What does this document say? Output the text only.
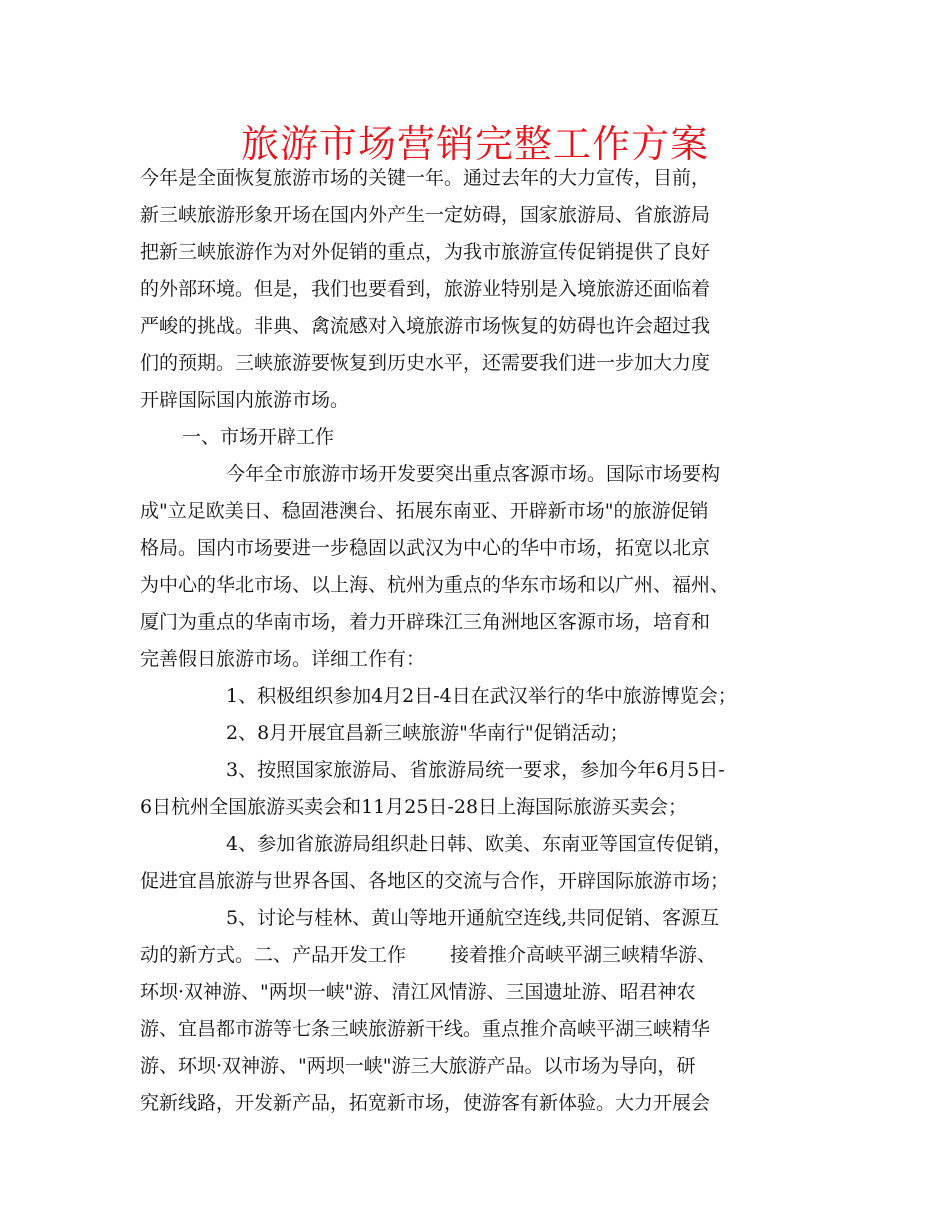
旅游市场营销完整工作方案
今年是全面恢复旅游市场的关键一年。通过去年的大力宣传，目前，
新三峡旅游形象开场在国内外产生一定妨碍，国家旅游局、省旅游局
把新三峡旅游作为对外促销的重点，为我市旅游宣传促销提供了良好
的外部环境。但是，我们也要看到，旅游业特别是入境旅游还面临着
严峻的挑战。非典、禽流感对入境旅游市场恢复的妨碍也许会超过我
们的预期。三峡旅游要恢复到历史水平，还需要我们进一步加大力度
开辟国际国内旅游市场。
一、市场开辟工作
今年全市旅游市场开发要突出重点客源市场。国际市场要构
成"立足欧美日、稳固港澳台、拓展东南亚、开辟新市场"的旅游促销
格局。国内市场要进一步稳固以武汉为中心的华中市场，拓宽以北京
为中心的华北市场、以上海、杭州为重点的华东市场和以广州、福州、
厦门为重点的华南市场，着力开辟珠江三角洲地区客源市场，培育和
完善假日旅游市场。详细工作有：
1、积极组织参加4月2日-4日在武汉举行的华中旅游博览会；
2、8月开展宜昌新三峡旅游"华南行"促销活动；
3、按照国家旅游局、省旅游局统一要求，参加今年6月5日-
6日杭州全国旅游买卖会和11月25日-28日上海国际旅游买卖会；
4、参加省旅游局组织赴日韩、欧美、东南亚等国宣传促销，
促进宜昌旅游与世界各国、各地区的交流与合作，开辟国际旅游市场；
5、讨论与桂林、黄山等地开通航空连线,共同促销、客源互
动的新方式。二、产品开发工作　　 接着推介高峡平湖三峡精华游、
环坝·双神游、"两坝一峡"游、清江风情游、三国遗址游、昭君神农
游、宜昌都市游等七条三峡旅游新干线。重点推介高峡平湖三峡精华
游、环坝·双神游、"两坝一峡"游三大旅游产品。以市场为导向，研
究新线路，开发新产品，拓宽新市场，使游客有新体验。大力开展会
